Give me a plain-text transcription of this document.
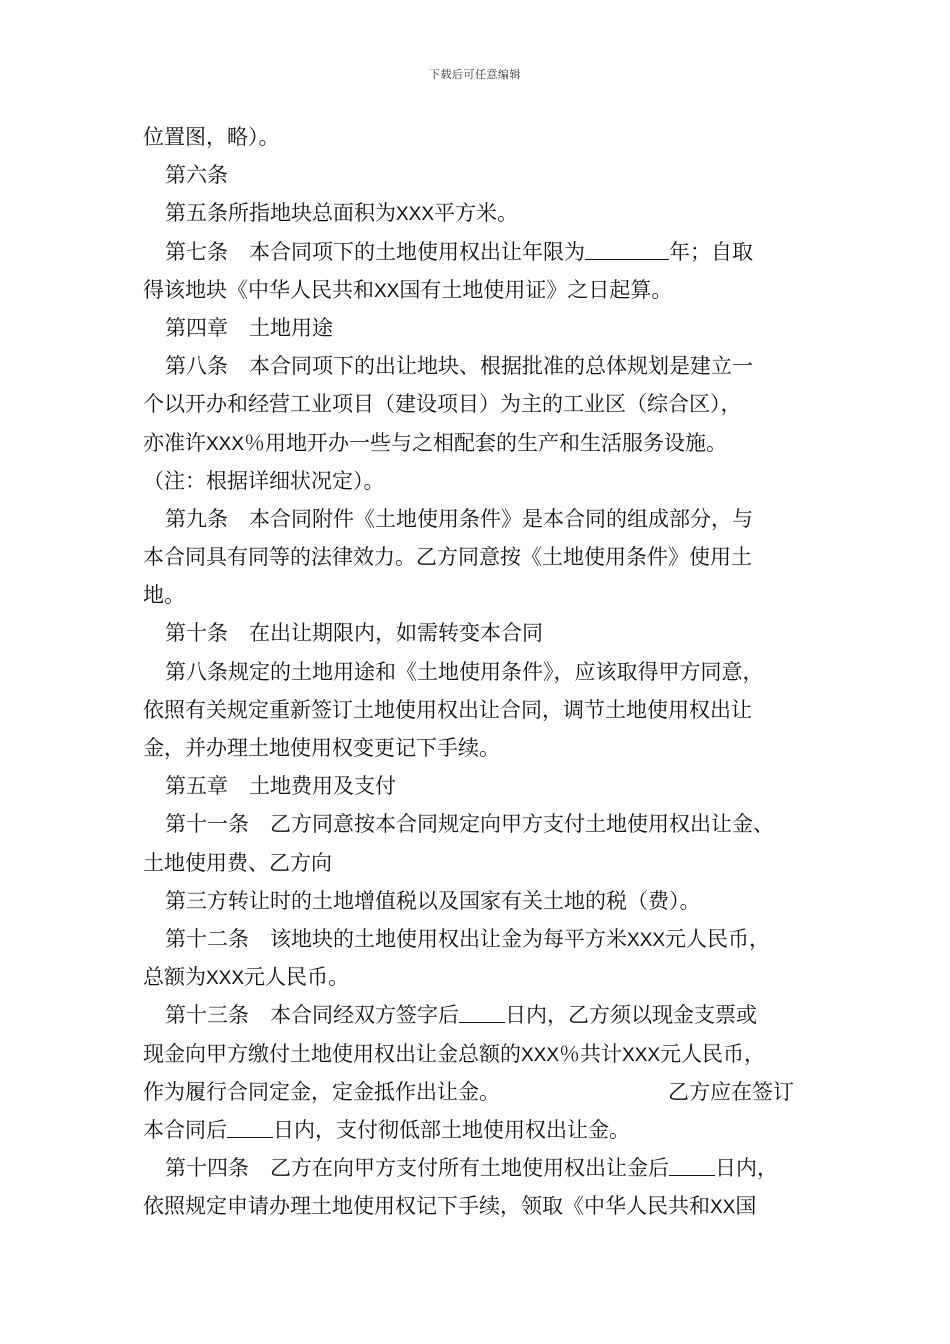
下载后可任意编辑
位置图，略）。
第六条
第五条所指地块总面积为XXX平方米。
第七条　本合同项下的土地使用权出让年限为	年；自取
得该地块《中华人民共和XX国有土地使用证》之日起算。
第四章　土地用途
第八条　本合同项下的出让地块、根据批准的总体规划是建立一
个以开办和经营工业项目（建设项目）为主的工业区（综合区），
亦准许XXX％用地开办一些与之相配套的生产和生活服务设施。
（注：根据详细状况定）。
第九条　本合同附件《土地使用条件》是本合同的组成部分，与
本合同具有同等的法律效力。乙方同意按《土地使用条件》使用土
地。
第十条　在出让期限内，如需转变本合同
第八条规定的土地用途和《土地使用条件》，应该取得甲方同意，
依照有关规定重新签订土地使用权出让合同，调节土地使用权出让
金，并办理土地使用权变更记下手续。
第五章　土地费用及支付
第十一条　乙方同意按本合同规定向甲方支付土地使用权出让金、
土地使用费、乙方向
第三方转让时的土地增值税以及国家有关土地的税（费）。
第十二条　该地块的土地使用权出让金为每平方米XXX元人民币，
总额为XXX元人民币。
第十三条　本合同经双方签字后 日内，乙方须以现金支票或
现金向甲方缴付土地使用权出让金总额的XXX％共计XXX元人民币，
作为履行合同定金，定金抵作出让金。	乙方应在签订
本合同后 日内，支付彻低部土地使用权出让金。
第十四条　乙方在向甲方支付所有土地使用权出让金后 日内，
依照规定申请办理土地使用权记下手续，领取《中华人民共和XX国
